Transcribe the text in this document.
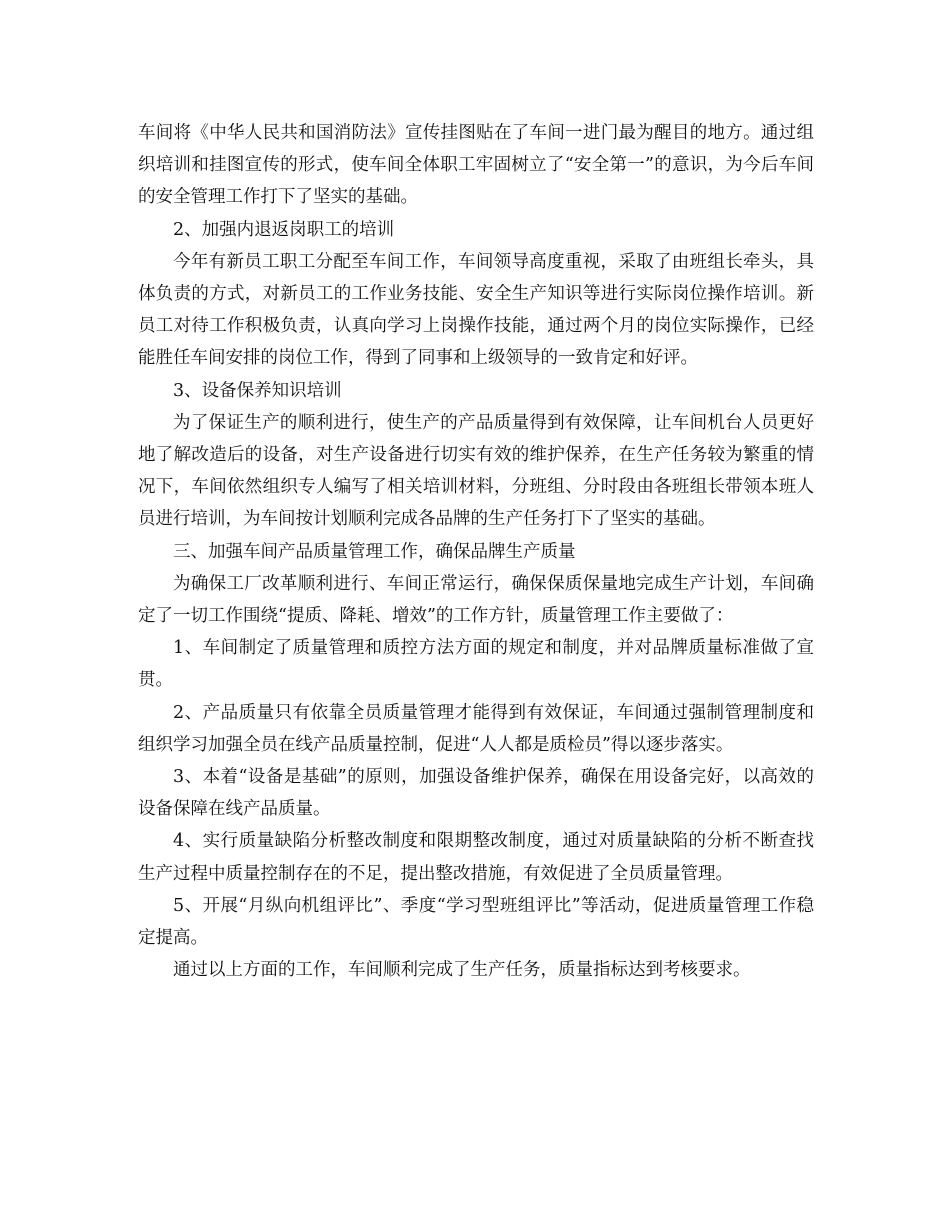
车间将《中华人民共和国消防法》宣传挂图贴在了车间一进门最为醒目的地方。通过组织培训和挂图宣传的形式，使车间全体职工牢固树立了“安全第一”的意识，为今后车间的安全管理工作打下了坚实的基础。

2、加强内退返岗职工的培训

今年有新员工职工分配至车间工作，车间领导高度重视，采取了由班组长牵头，具体负责的方式，对新员工的工作业务技能、安全生产知识等进行实际岗位操作培训。新员工对待工作积极负责，认真向学习上岗操作技能，通过两个月的岗位实际操作，已经能胜任车间安排的岗位工作，得到了同事和上级领导的一致肯定和好评。

3、设备保养知识培训

为了保证生产的顺利进行，使生产的产品质量得到有效保障，让车间机台人员更好地了解改造后的设备，对生产设备进行切实有效的维护保养，在生产任务较为繁重的情况下，车间依然组织专人编写了相关培训材料，分班组、分时段由各班组长带领本班人员进行培训，为车间按计划顺利完成各品牌的生产任务打下了坚实的基础。

三、加强车间产品质量管理工作，确保品牌生产质量

为确保工厂改革顺利进行、车间正常运行，确保保质保量地完成生产计划，车间确定了一切工作围绕“提质、降耗、增效”的工作方针，质量管理工作主要做了：

1、车间制定了质量管理和质控方法方面的规定和制度，并对品牌质量标准做了宣贯。

2、产品质量只有依靠全员质量管理才能得到有效保证，车间通过强制管理制度和组织学习加强全员在线产品质量控制，促进“人人都是质检员”得以逐步落实。

3、本着“设备是基础”的原则，加强设备维护保养，确保在用设备完好，以高效的设备保障在线产品质量。

4、实行质量缺陷分析整改制度和限期整改制度，通过对质量缺陷的分析不断查找生产过程中质量控制存在的不足，提出整改措施，有效促进了全员质量管理。

5、开展“月纵向机组评比”、季度“学习型班组评比”等活动，促进质量管理工作稳定提高。

通过以上方面的工作，车间顺利完成了生产任务，质量指标达到考核要求。
